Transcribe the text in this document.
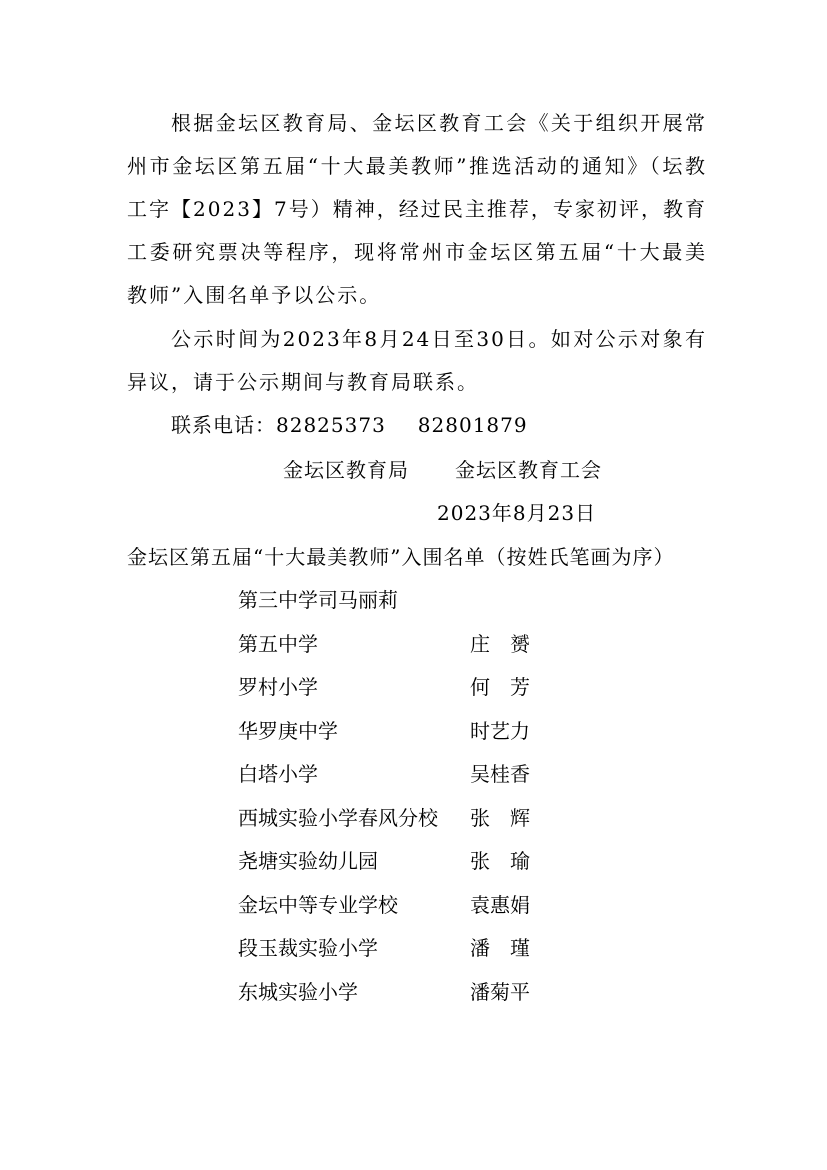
根据金坛区教育局、金坛区教育工会《关于组织开展常州市金坛区第五届“十大最美教师”推选活动的通知》（坛教工字【2023】7号）精神，经过民主推荐，专家初评，教育工委研究票决等程序，现将常州市金坛区第五届“十大最美教师”入围名单予以公示。
公示时间为2023年8月24日至30日。如对公示对象有异议，请于公示期间与教育局联系。
联系电话：82825373 82801879
金坛区教育局 金坛区教育工会
2023年8月23日
金坛区第五届“十大最美教师”入围名单（按姓氏笔画为序）
第三中学司马丽莉
第五中学	庄　赟
罗村小学	何　芳
华罗庚中学	时艺力
白塔小学	吴桂香
西城实验小学春风分校 张　辉
尧塘实验幼儿园	张　瑜
金坛中等专业学校	袁惠娟
段玉裁实验小学	潘　瑾
东城实验小学	潘菊平
